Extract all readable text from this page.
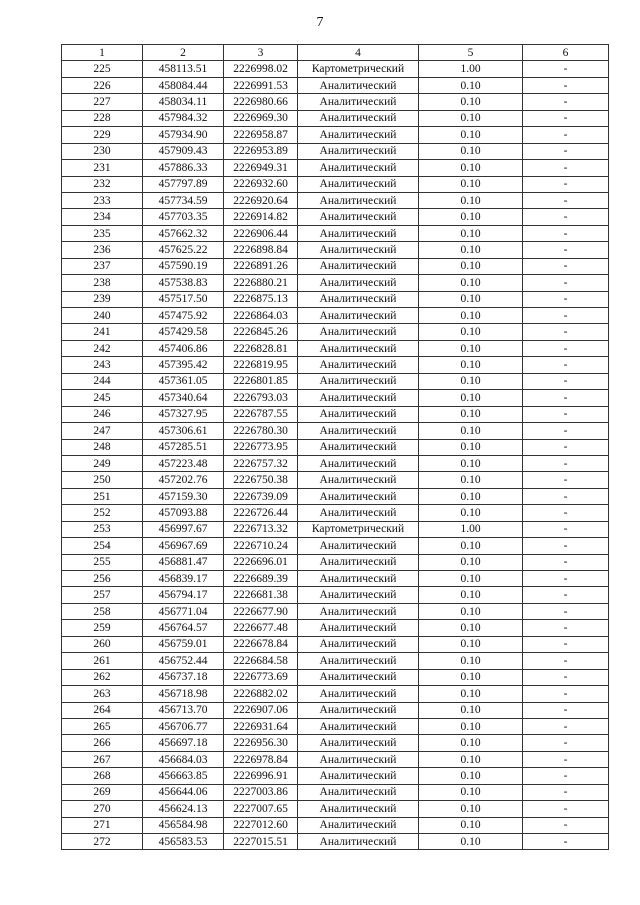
7
1	2	3	4	5	6
225	458113.51	2226998.02	Картометрический	1.00	-
226	458084.44	2226991.53	Аналитический	0.10	-
227	458034.11	2226980.66	Аналитический	0.10	-
228	457984.32	2226969.30	Аналитический	0.10	-
229	457934.90	2226958.87	Аналитический	0.10	-
230	457909.43	2226953.89	Аналитический	0.10	-
231	457886.33	2226949.31	Аналитический	0.10	-
232	457797.89	2226932.60	Аналитический	0.10	-
233	457734.59	2226920.64	Аналитический	0.10	-
234	457703.35	2226914.82	Аналитический	0.10	-
235	457662.32	2226906.44	Аналитический	0.10	-
236	457625.22	2226898.84	Аналитический	0.10	-
237	457590.19	2226891.26	Аналитический	0.10	-
238	457538.83	2226880.21	Аналитический	0.10	-
239	457517.50	2226875.13	Аналитический	0.10	-
240	457475.92	2226864.03	Аналитический	0.10	-
241	457429.58	2226845.26	Аналитический	0.10	-
242	457406.86	2226828.81	Аналитический	0.10	-
243	457395.42	2226819.95	Аналитический	0.10	-
244	457361.05	2226801.85	Аналитический	0.10	-
245	457340.64	2226793.03	Аналитический	0.10	-
246	457327.95	2226787.55	Аналитический	0.10	-
247	457306.61	2226780.30	Аналитический	0.10	-
248	457285.51	2226773.95	Аналитический	0.10	-
249	457223.48	2226757.32	Аналитический	0.10	-
250	457202.76	2226750.38	Аналитический	0.10	-
251	457159.30	2226739.09	Аналитический	0.10	-
252	457093.88	2226726.44	Аналитический	0.10	-
253	456997.67	2226713.32	Картометрический	1.00	-
254	456967.69	2226710.24	Аналитический	0.10	-
255	456881.47	2226696.01	Аналитический	0.10	-
256	456839.17	2226689.39	Аналитический	0.10	-
257	456794.17	2226681.38	Аналитический	0.10	-
258	456771.04	2226677.90	Аналитический	0.10	-
259	456764.57	2226677.48	Аналитический	0.10	-
260	456759.01	2226678.84	Аналитический	0.10	-
261	456752.44	2226684.58	Аналитический	0.10	-
262	456737.18	2226773.69	Аналитический	0.10	-
263	456718.98	2226882.02	Аналитический	0.10	-
264	456713.70	2226907.06	Аналитический	0.10	-
265	456706.77	2226931.64	Аналитический	0.10	-
266	456697.18	2226956.30	Аналитический	0.10	-
267	456684.03	2226978.84	Аналитический	0.10	-
268	456663.85	2226996.91	Аналитический	0.10	-
269	456644.06	2227003.86	Аналитический	0.10	-
270	456624.13	2227007.65	Аналитический	0.10	-
271	456584.98	2227012.60	Аналитический	0.10	-
272	456583.53	2227015.51	Аналитический	0.10	-
